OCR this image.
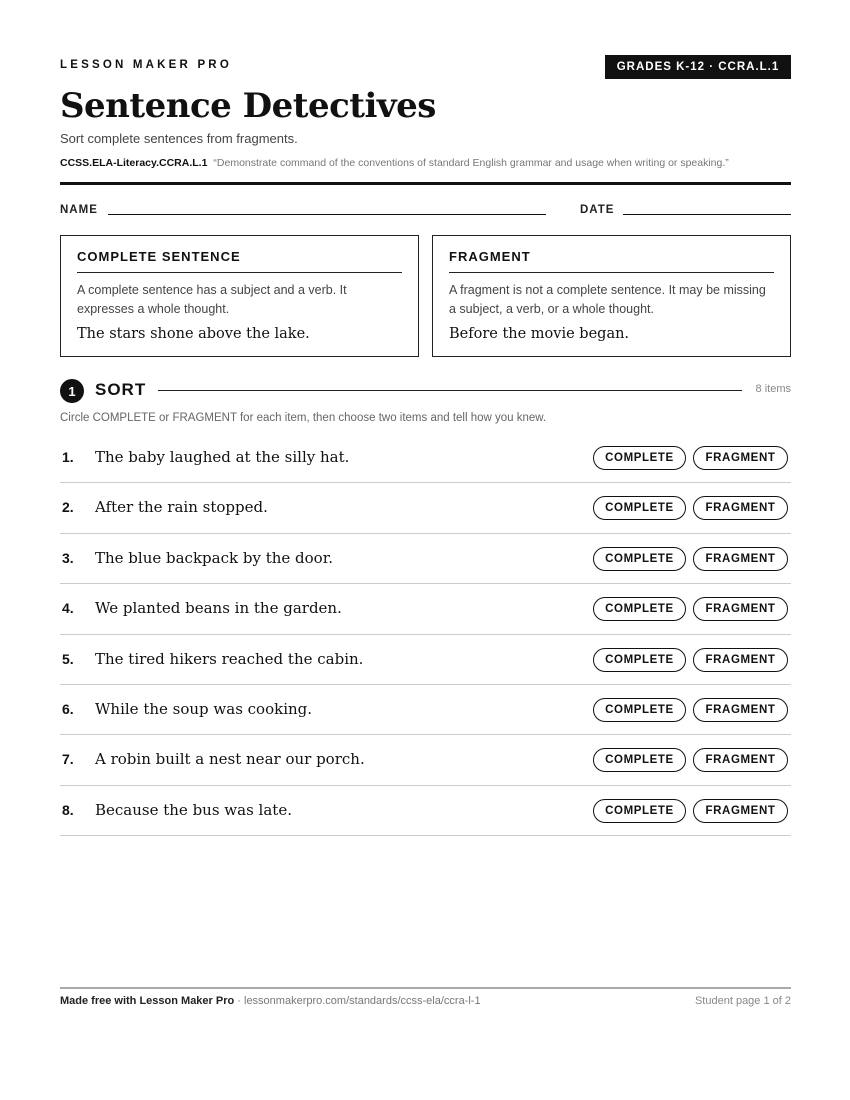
LESSON MAKER PRO	GRADES K-12 · CCRA.L.1
Sentence Detectives
Sort complete sentences from fragments.
CCSS.ELA-Literacy.CCRA.L.1 “Demonstrate command of the conventions of standard English grammar and usage when writing or speaking.”
NAME	DATE
COMPLETE SENTENCE
A complete sentence has a subject and a verb. It expresses a whole thought.
The stars shone above the lake.
FRAGMENT
A fragment is not a complete sentence. It may be missing a subject, a verb, or a whole thought.
Before the movie began.
1	SORT	8 items
Circle COMPLETE or FRAGMENT for each item, then choose two items and tell how you knew.
1. The baby laughed at the silly hat.	COMPLETE	FRAGMENT
2. After the rain stopped.	COMPLETE	FRAGMENT
3. The blue backpack by the door.	COMPLETE	FRAGMENT
4. We planted beans in the garden.	COMPLETE	FRAGMENT
5. The tired hikers reached the cabin.	COMPLETE	FRAGMENT
6. While the soup was cooking.	COMPLETE	FRAGMENT
7. A robin built a nest near our porch.	COMPLETE	FRAGMENT
8. Because the bus was late.	COMPLETE	FRAGMENT
Made free with Lesson Maker Pro · lessonmakerpro.com/standards/ccss-ela/ccra-l-1	Student page 1 of 2
